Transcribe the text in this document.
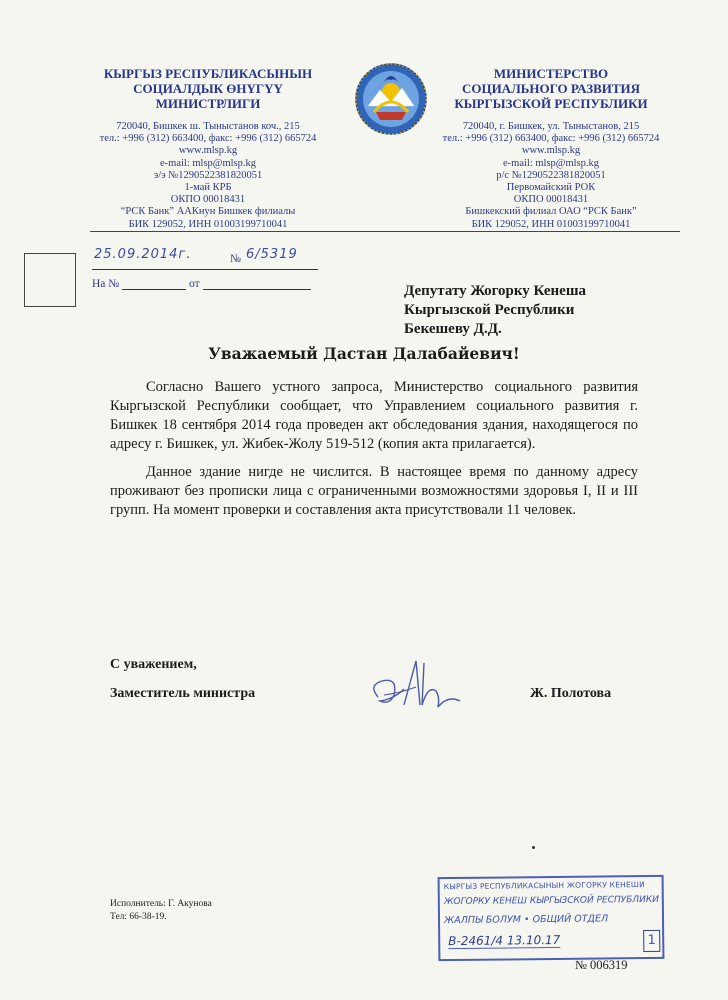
КЫРГЫЗ РЕСПУБЛИКАСЫНЫН
СОЦИАЛДЫК ӨНҮГҮҮ
МИНИСТРЛИГИ
720040, Бишкек ш. Тыныстанов коч., 215
тел.: +996 (312) 663400, факс: +996 (312) 665724
www.mlsp.kg
e-mail: mlsp@mlsp.kg
э/э №1290522381820051
1-май КРБ
ОКПО 00018431
“РСК Банк” ААКнун Бишкек филиалы
БИК 129052, ИНН 01003199710041
МИНИСТЕРСТВО
СОЦИАЛЬНОГО РАЗВИТИЯ
КЫРГЫЗСКОЙ РЕСПУБЛИКИ
720040, г. Бишкек, ул. Тыныстанов, 215
тел.: +996 (312) 663400, факс: +996 (312) 665724
www.mlsp.kg
e-mail: mlsp@mlsp.kg
р/с №1290522381820051
Первомайский РОК
ОКПО 00018431
Бишкекский филиал ОАО “РСК Банк”
БИК 129052, ИНН 01003199710041
25.09.2014г.	№ 6/5319
На №	от	Депутату Жогорку Кенеша
Кыргызской Республики
Бекешеву Д.Д.
Уважаемый Дастан Далабайевич!

Согласно Вашего устного запроса, Министерство социального развития Кыргызской Республики сообщает, что Управлением социального развития г. Бишкек 18 сентября 2014 года проведен акт обследования здания, находящегося по адресу г. Бишкек, ул. Жибек-Жолу 519-512 (копия акта прилагается).

Данное здание нигде не числится. В настоящее время по данному адресу проживают без прописки лица с ограниченными возможностями здоровья I, II и III групп. На момент проверки и составления акта присутствовали 11 человек.

С уважением,
Заместитель министра	Ж. Полотова
Исполнитель: Г. Акунова
Тел: 66-38-19.
КЫРГЫЗ РЕСПУБЛИКАСЫНЫН ЖОГОРКУ КЕНЕШИ
ЖОГОРКУ КЕНЕШ КЫРГЫЗСКОЙ РЕСПУБЛИКИ
ЖАЛПЫ БОЛУМ • ОБЩИЙ ОТДЕЛ
В-2461/4 13.10.17	1
№ 006319
